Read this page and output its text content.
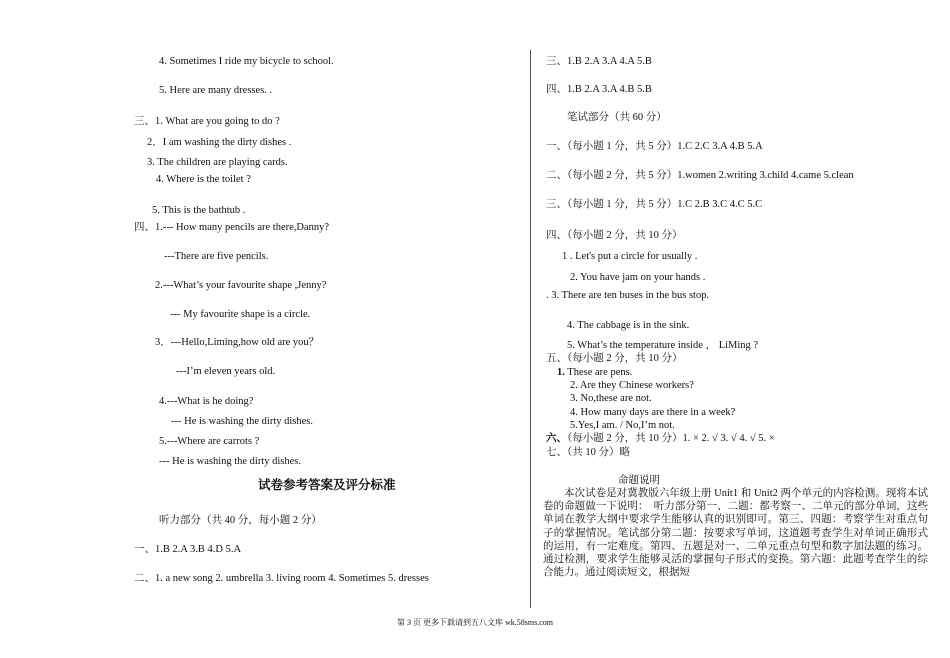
4. Sometimes I ride my bicycle to school.
5. Here are many dresses. .
三、1. What are you going to do ?
2．I am washing the dirty dishes .
3. The children are playing cards.
4. Where is the toilet ?
5. This is the bathtub .
四、1.--- How many pencils are there,Danny?
---There are five pencils.
2.---What’s your favourite shape ,Jenny?
--- My favourite shape is a circle.
3．---Hello,Liming,how old are you？
---I’m eleven years old.
4.---What is he doing?
--- He is washing the dirty dishes.
5.---Where are carrots ?
--- He is washing the dirty dishes.
试卷参考答案及评分标准
听力部分（共 40 分，每小题 2 分）
一、1.B 2.A 3.B 4.D 5.A
二、1. a new song 2. umbrella 3. living room 4. Sometimes 5. dresses
三、1.B 2.A 3.A 4.A 5.B
四、1.B 2.A 3.A 4.B 5.B
笔试部分（共 60 分）
一、（每小题 1 分，共 5 分）1.C 2.C 3.A 4.B 5.A
二、（每小题 2 分，共 5 分）1.women 2.writing 3.child 4.came 5.clean
三、（每小题 1 分，共 5 分）1.C 2.B 3.C 4.C 5.C
四、（每小题 2 分，共 10 分）
1 . Let's put a circle for usually .
2. You have jam on your hands .
. 3. There are ten buses in the bus stop.
4. The cabbage is in the sink.
5. What’s the temperature inside ， LiMing ?
五、（每小题 2 分，共 10 分）
1. These are pens.
2. Are they Chinese workers?
3. No,these are not.
4. How many days are there in a week?
5.Yes,I am. / No,I’m not.
六、（每小题 2 分，共 10 分）1. × 2. √ 3. √ 4. √ 5. ×
七、（共 10 分）略
命题说明
本次试卷是对冀教版六年级上册 Unit1 和 Unit2 两个单元的内容检测。现将本试卷的命题做一下说明：　听力部分第一、二题：都考察一、二单元的部分单词，这些单词在教学大纲中要求学生能够认真的识别即可。第三、四题：考察学生对重点句子的掌握情况。笔试部分第二题：按要求写单词，这道题考查学生对单词正确形式的运用，有一定难度。第四、五题是对一、二单元重点句型和数字加法题的练习。通过检测，要求学生能够灵活的掌握句子形式的变换。第六题：此题考查学生的综合能力。通过阅读短文，根据短
第 3 页 更多下载请到五八文库 wk.58sms.com
